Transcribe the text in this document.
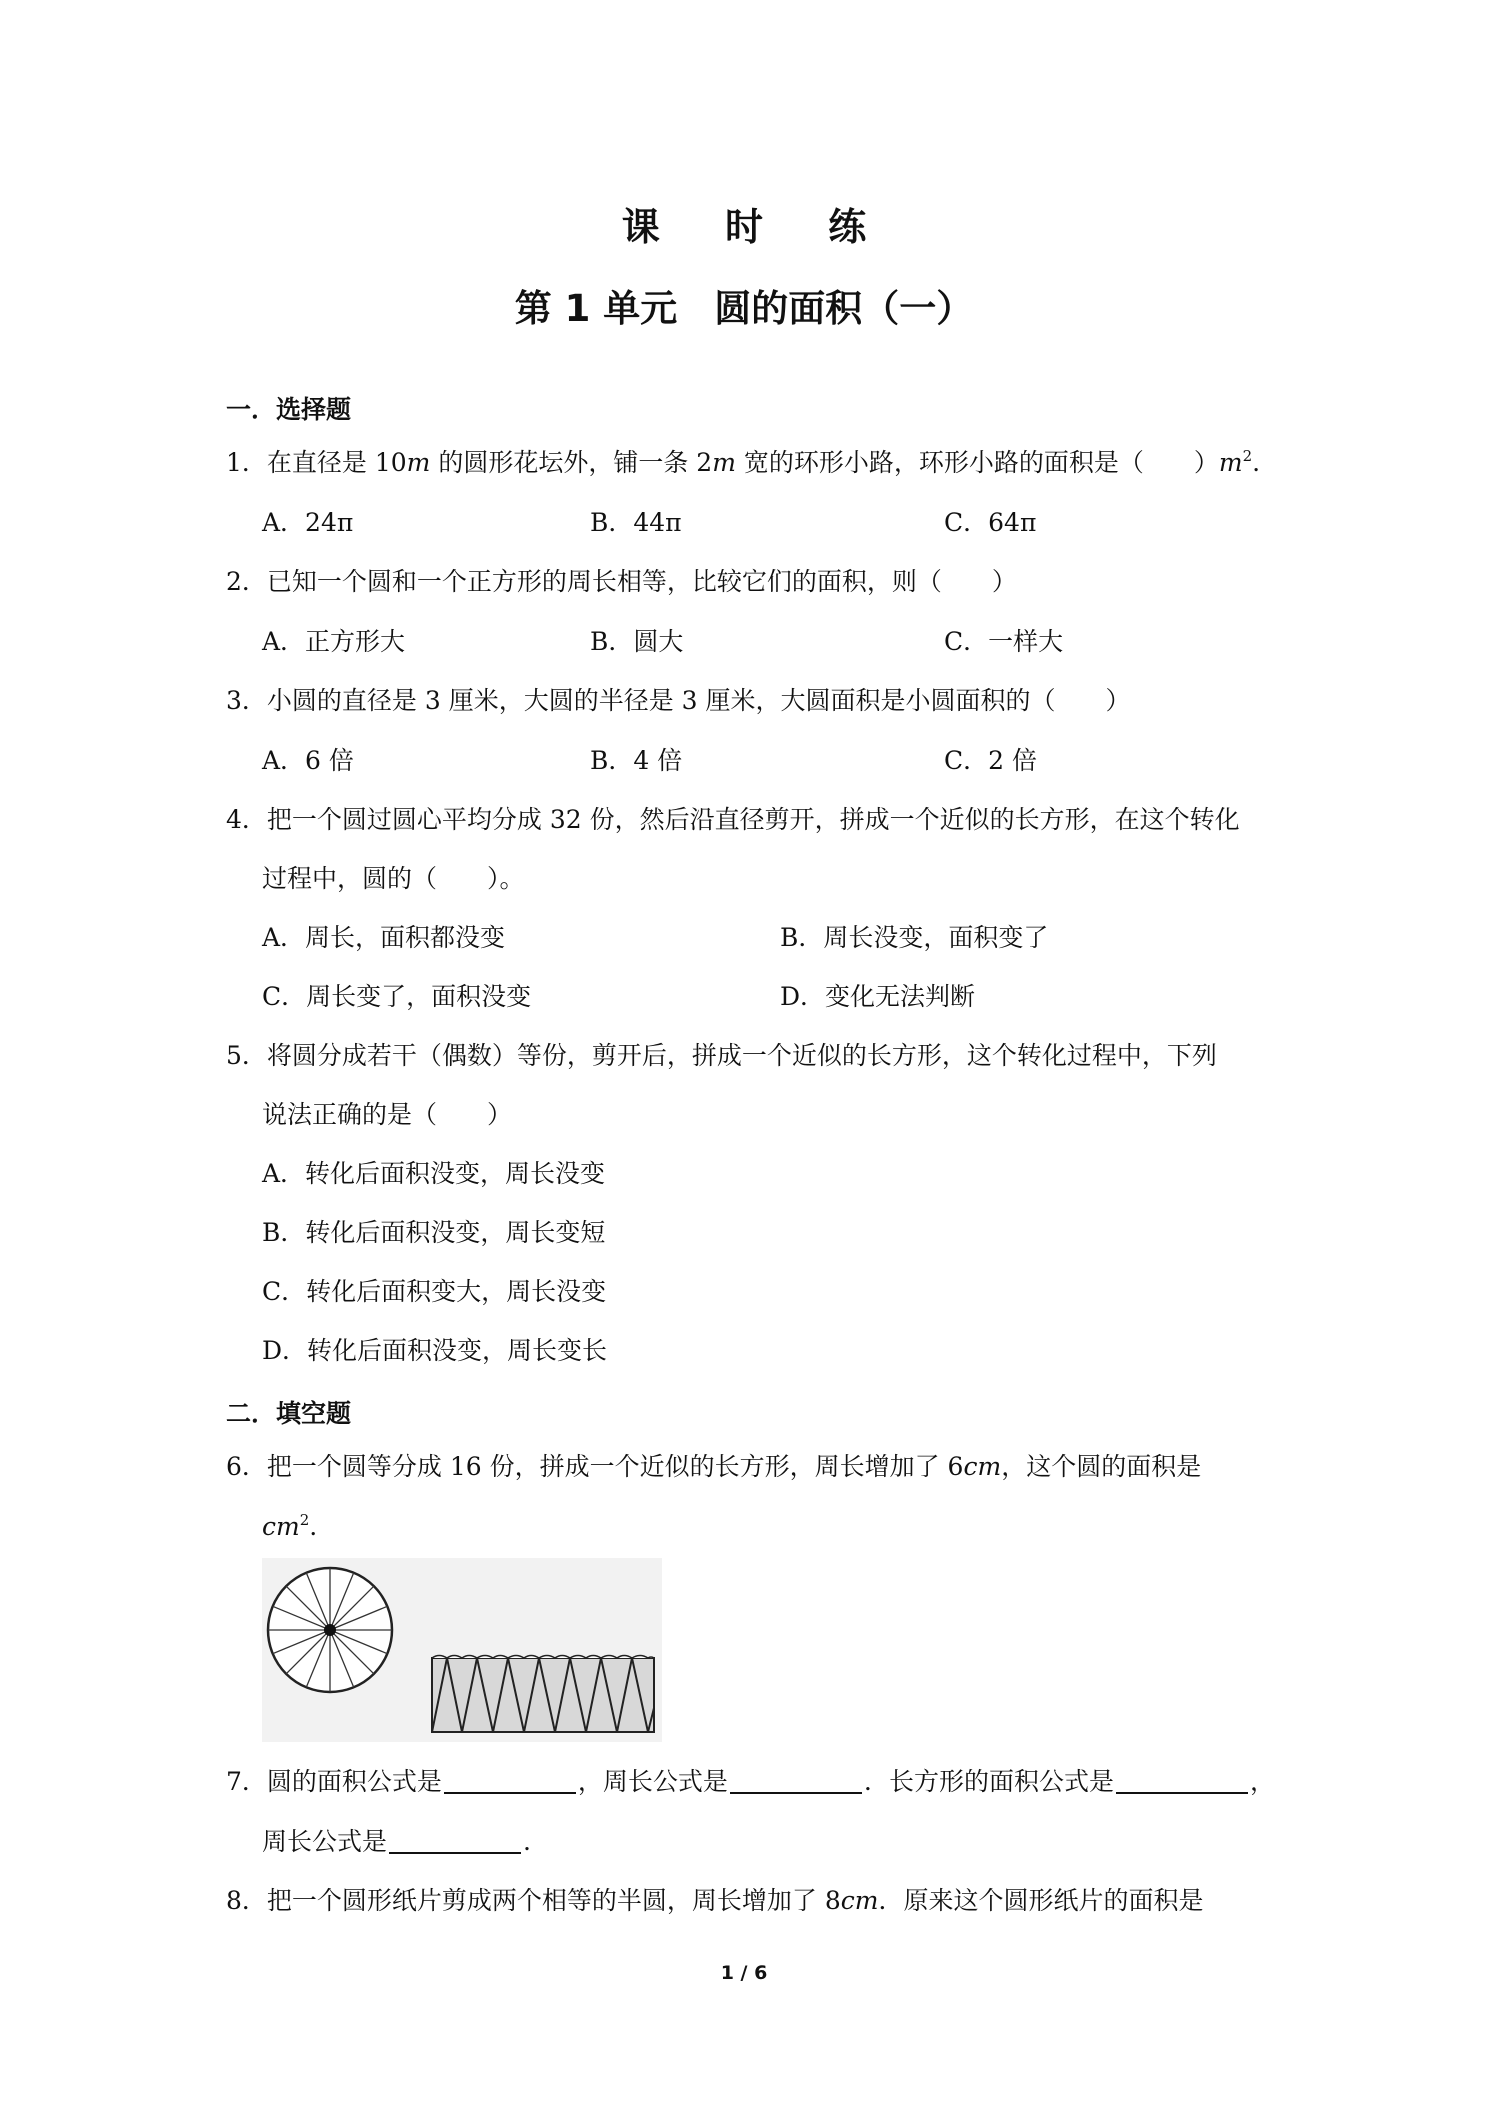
课 时 练
第 1 单元　圆的面积（一）
一．选择题
1．在直径是 10m 的圆形花坛外，铺一条 2m 宽的环形小路，环形小路的面积是（　　）$m^2$.
A．24π	B．44π	C．64π
2．已知一个圆和一个正方形的周长相等，比较它们的面积，则（　　）
A．正方形大	B．圆大	C．一样大
3．小圆的直径是 3 厘米，大圆的半径是 3 厘米，大圆面积是小圆面积的（　　）
A．6 倍	B．4 倍	C．2 倍
4．把一个圆过圆心平均分成 32 份，然后沿直径剪开，拼成一个近似的长方形，在这个转化
过程中，圆的（　　）。
A．周长，面积都没变	B．周长没变，面积变了
C．周长变了，面积没变	D．变化无法判断
5．将圆分成若干（偶数）等份，剪开后，拼成一个近似的长方形，这个转化过程中，下列
说法正确的是（　　）
A．转化后面积没变，周长没变
B．转化后面积没变，周长变短
C．转化后面积变大，周长没变
D．转化后面积没变，周长变长
二．填空题
6．把一个圆等分成 16 份，拼成一个近似的长方形，周长增加了 6cm，这个圆的面积是
$cm^2$.
7．圆的面积公式是	，周长公式是	．长方形的面积公式是	，
周长公式是	.
8．把一个圆形纸片剪成两个相等的半圆，周长增加了 8cm．原来这个圆形纸片的面积是
1 / 6
